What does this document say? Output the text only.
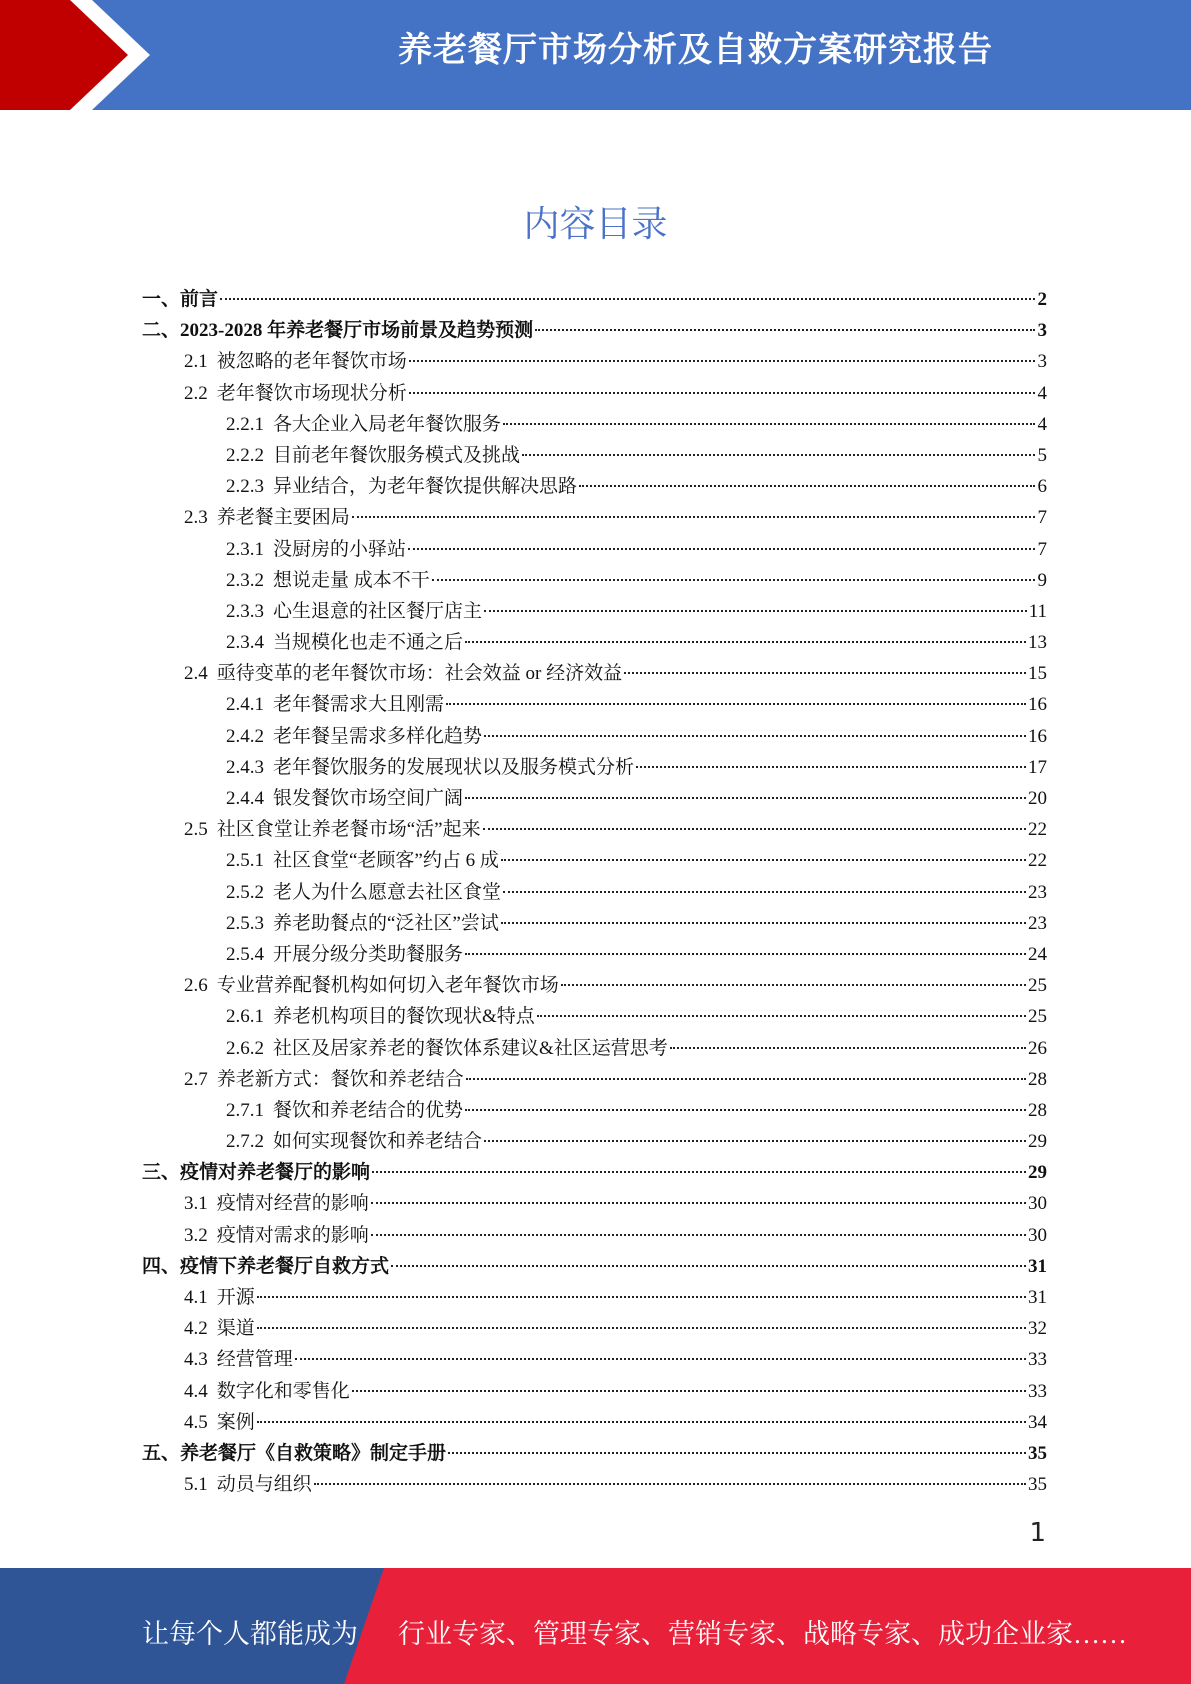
养老餐厅市场分析及自救方案研究报告
内容目录
一、 前言	2
二、 2023-2028 年养老餐厅市场前景及趋势预测	3
2.1 被忽略的老年餐饮市场	3
2.2 老年餐饮市场现状分析	4
2.2.1 各大企业入局老年餐饮服务	4
2.2.2 目前老年餐饮服务模式及挑战	5
2.2.3 异业结合，为老年餐饮提供解决思路	6
2.3 养老餐主要困局	7
2.3.1 没厨房的小驿站	7
2.3.2 想说走量 成本不干	9
2.3.3 心生退意的社区餐厅店主	11
2.3.4 当规模化也走不通之后	13
2.4 亟待变革的老年餐饮市场：社会效益 or 经济效益	15
2.4.1 老年餐需求大且刚需	16
2.4.2 老年餐呈需求多样化趋势	16
2.4.3 老年餐饮服务的发展现状以及服务模式分析	17
2.4.4 银发餐饮市场空间广阔	20
2.5 社区食堂让养老餐市场“活”起来	22
2.5.1 社区食堂“老顾客”约占 6 成	22
2.5.2 老人为什么愿意去社区食堂	23
2.5.3 养老助餐点的“泛社区”尝试	23
2.5.4 开展分级分类助餐服务	24
2.6 专业营养配餐机构如何切入老年餐饮市场	25
2.6.1 养老机构项目的餐饮现状&特点	25
2.6.2 社区及居家养老的餐饮体系建议&社区运营思考	26
2.7 养老新方式：餐饮和养老结合	28
2.7.1 餐饮和养老结合的优势	28
2.7.2 如何实现餐饮和养老结合	29
三、 疫情对养老餐厅的影响	29
3.1 疫情对经营的影响	30
3.2 疫情对需求的影响	30
四、 疫情下养老餐厅自救方式	31
4.1 开源	31
4.2 渠道	32
4.3 经营管理	33
4.4 数字化和零售化	33
4.5 案例	34
五、 养老餐厅《自救策略》制定手册	35
5.1 动员与组织	35
1
让每个人都能成为 行业专家、管理专家、营销专家、战略专家、成功企业家……
